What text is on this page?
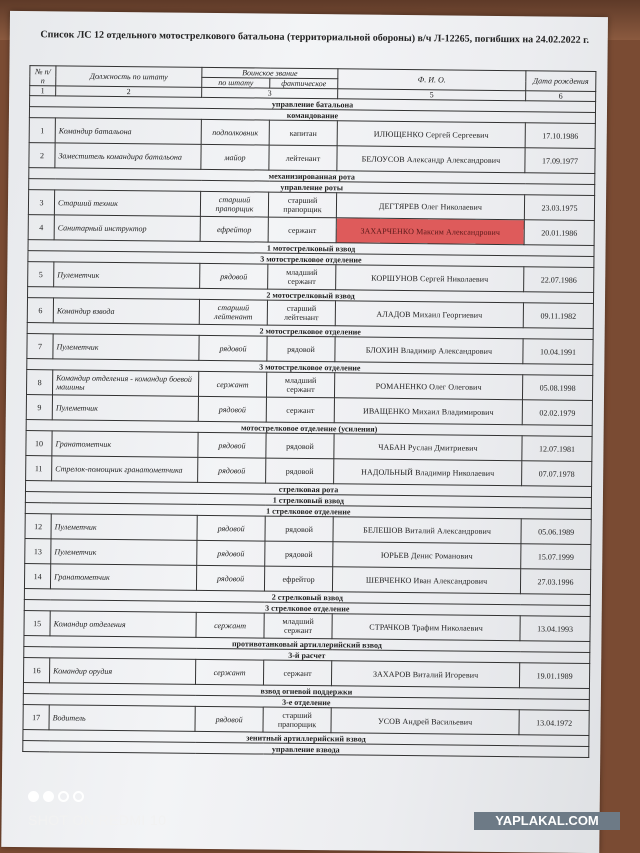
Список ЛС 12 отдельного мотострелкового батальона (территориальной обороны) в/ч Л-12265, погибших на 24.02.2022 г.
№ п/п	Должность по штату	Воинское звание		Ф. И. О.	Дата рождения
		по штату	фактическое		
1	2	3		5	6
управление батальона					
командование					
1	Командир батальона	подполковник	капитан	ИЛЮЩЕНКО Сергей Сергеевич	17.10.1986
2	Заместитель командира батальона	майор	лейтенант	БЕЛОУСОВ Александр Александрович	17.09.1977
механизированная рота					
управление роты					
3	Старший техник	старший прапорщик	старший прапорщик	ДЕГТЯРЕВ Олег Николаевич	23.03.1975
4	Санитарный инструктор	ефрейтор	сержант	ЗАХАРЧЕНКО Максим Александрович	20.01.1986
1 мотострелковый взвод					
3 мотострелковое отделение					
5	Пулеметчик	рядовой	младший сержант	КОРШУНОВ Сергей Николаевич	22.07.1986
2 мотострелковый взвод					
6	Командир взвода	старший лейтенант	старший лейтенант	АЛАДОВ Михаил Георгиевич	09.11.1982
2 мотострелковое отделение					
7	Пулеметчик	рядовой	рядовой	БЛОХИН Владимир Александрович	10.04.1991
3 мотострелковое отделение					
8	Командир отделения - командир боевой машины	сержант	младший сержант	РОМАНЕНКО Олег Олегович	05.08.1998
9	Пулеметчик	рядовой	сержант	ИВАЩЕНКО Михаил Владимирович	02.02.1979
мотострелковое отделение (усиления)					
10	Гранатометчик	рядовой	рядовой	ЧАБАН Руслан Дмитриевич	12.07.1981
11	Стрелок-помощник гранатометчика	рядовой	рядовой	НАДОЛЬНЫЙ Владимир Николаевич	07.07.1978
стрелковая рота					
1 стрелковый взвод					
1 стрелковое отделение					
12	Пулеметчик	рядовой	рядовой	БЕЛЕШОВ Виталий Александрович	05.06.1989
13	Пулеметчик	рядовой	рядовой	ЮРЬЕВ Денис Романович	15.07.1999
14	Гранатометчик	рядовой	ефрейтор	ШЕВЧЕНКО Иван Александрович	27.03.1996
2 стрелковый взвод					
3 стрелковое отделение					
15	Командир отделения	сержант	младший сержант	СТРАЧКОВ Трафим Николаевич	13.04.1993
противотанковый артиллерийский взвод					
3-й расчет					
16	Командир орудия	сержант	сержант	ЗАХАРОВ Виталий Игоревич	19.01.1989
взвод огневой поддержки					
3-е отделение					
17	Водитель	рядовой	старший прапорщик	УСОВ Андрей Васильевич	13.04.1972
зенитный артиллерийский взвод					
управление взвода					
SHOT ON REDMI 10	YAPLAKAL.COM
